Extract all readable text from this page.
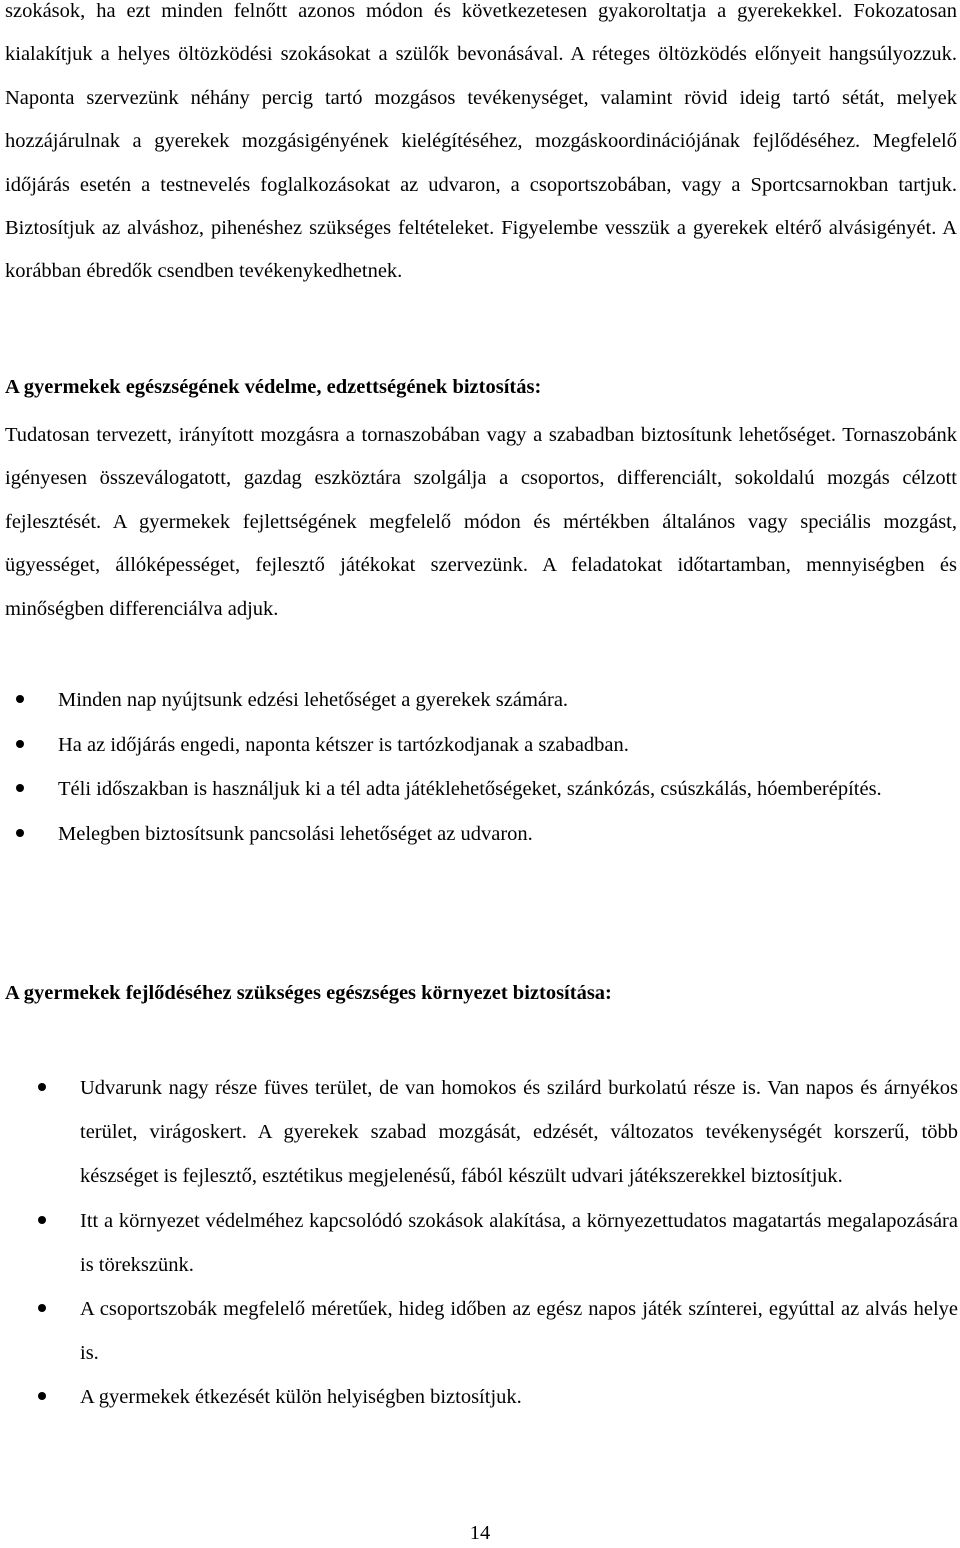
szokások, ha ezt minden felnőtt azonos módon és következetesen gyakoroltatja a gyerekekkel. Fokozatosan kialakítjuk a helyes öltözködési szokásokat a szülők bevonásával. A réteges öltözködés előnyeit hangsúlyozzuk. Naponta szervezünk néhány percig tartó mozgásos tevékenységet, valamint rövid ideig tartó sétát, melyek hozzájárulnak a gyerekek mozgásigényének kielégítéséhez, mozgáskoordinációjának fejlődéséhez. Megfelelő időjárás esetén a testnevelés foglalkozásokat az udvaron, a csoportszobában, vagy a Sportcsarnokban tartjuk. Biztosítjuk az alváshoz, pihenéshez szükséges feltételeket. Figyelembe vesszük a gyerekek eltérő alvásigényét. A korábban ébredők csendben tevékenykedhetnek.

A gyermekek egészségének védelme, edzettségének biztosítás:

Tudatosan tervezett, irányított mozgásra a tornaszobában vagy a szabadban biztosítunk lehetőséget. Tornaszobánk igényesen összeválogatott, gazdag eszköztára szolgálja a csoportos, differenciált, sokoldalú mozgás célzott fejlesztését. A gyermekek fejlettségének megfelelő módon és mértékben általános vagy speciális mozgást, ügyességet, állóképességet, fejlesztő játékokat szervezünk. A feladatokat időtartamban, mennyiségben és minőségben differenciálva adjuk.

Minden nap nyújtsunk edzési lehetőséget a gyerekek számára.
Ha az időjárás engedi, naponta kétszer is tartózkodjanak a szabadban.
Téli időszakban is használjuk ki a tél adta játéklehetőségeket, szánkózás, csúszkálás, hóemberépítés.
Melegben biztosítsunk pancsolási lehetőséget az udvaron.
A gyermekek fejlődéséhez szükséges egészséges környezet biztosítása:
Udvarunk nagy része füves terület, de van homokos és szilárd burkolatú része is. Van napos és árnyékos terület, virágoskert. A gyerekek szabad mozgását, edzését, változatos tevékenységét korszerű, több készséget is fejlesztő, esztétikus megjelenésű, fából készült udvari játékszerekkel biztosítjuk.
Itt a környezet védelméhez kapcsolódó szokások alakítása, a környezettudatos magatartás megalapozására is törekszünk.
A csoportszobák megfelelő méretűek, hideg időben az egész napos játék színterei, egyúttal az alvás helye is.
A gyermekek étkezését külön helyiségben biztosítjuk.
14
